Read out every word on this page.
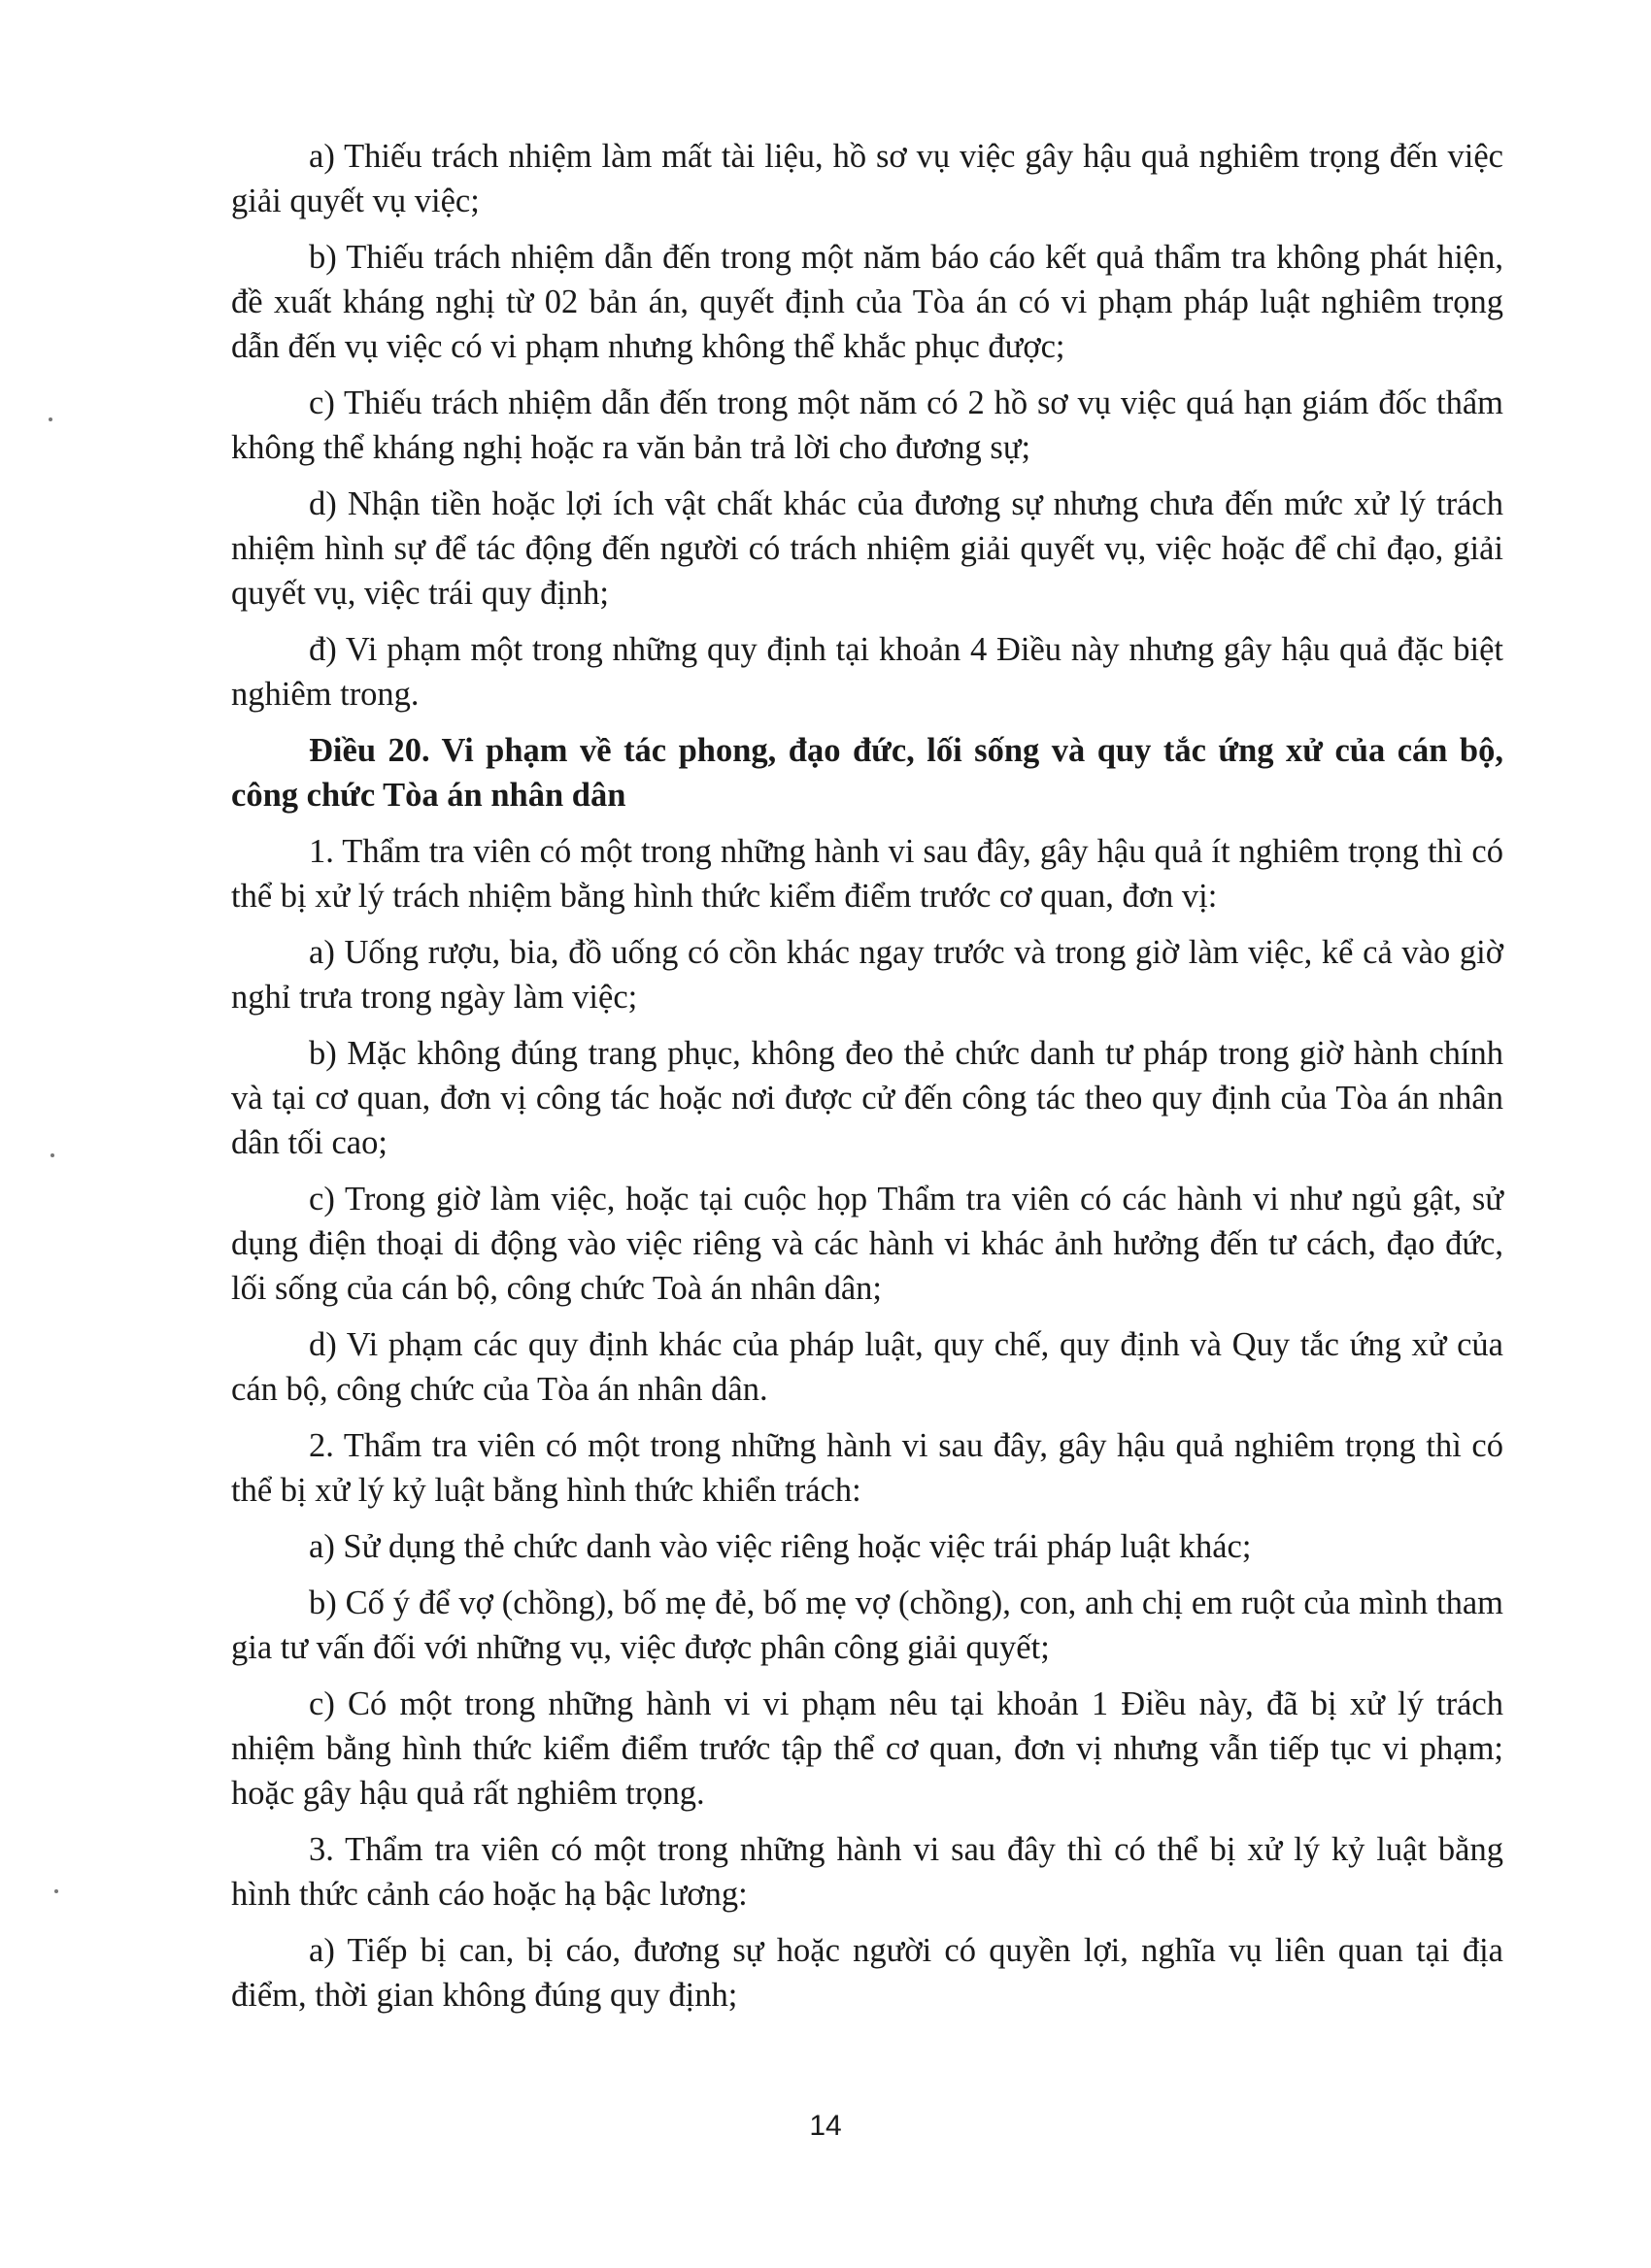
a) Thiếu trách nhiệm làm mất tài liệu, hồ sơ vụ việc gây hậu quả nghiêm trọng đến việc giải quyết vụ việc;

b) Thiếu trách nhiệm dẫn đến trong một năm báo cáo kết quả thẩm tra không phát hiện, đề xuất kháng nghị từ 02 bản án, quyết định của Tòa án có vi phạm pháp luật nghiêm trọng dẫn đến vụ việc có vi phạm nhưng không thể khắc phục được;

c) Thiếu trách nhiệm dẫn đến trong một năm có 2 hồ sơ vụ việc quá hạn giám đốc thẩm không thể kháng nghị hoặc ra văn bản trả lời cho đương sự;

d) Nhận tiền hoặc lợi ích vật chất khác của đương sự nhưng chưa đến mức xử lý trách nhiệm hình sự để tác động đến người có trách nhiệm giải quyết vụ, việc hoặc để chỉ đạo, giải quyết vụ, việc trái quy định;

đ) Vi phạm một trong những quy định tại khoản 4 Điều này nhưng gây hậu quả đặc biệt nghiêm trong.

Điều 20. Vi phạm về tác phong, đạo đức, lối sống và quy tắc ứng xử của cán bộ, công chức Tòa án nhân dân

1. Thẩm tra viên có một trong những hành vi sau đây, gây hậu quả ít nghiêm trọng thì có thể bị xử lý trách nhiệm bằng hình thức kiểm điểm trước cơ quan, đơn vị:

a) Uống rượu, bia, đồ uống có cồn khác ngay trước và trong giờ làm việc, kể cả vào giờ nghỉ trưa trong ngày làm việc;

b) Mặc không đúng trang phục, không đeo thẻ chức danh tư pháp trong giờ hành chính và tại cơ quan, đơn vị công tác hoặc nơi được cử đến công tác theo quy định của Tòa án nhân dân tối cao;

c) Trong giờ làm việc, hoặc tại cuộc họp Thẩm tra viên có các hành vi như ngủ gật, sử dụng điện thoại di động vào việc riêng và các hành vi khác ảnh hưởng đến tư cách, đạo đức, lối sống của cán bộ, công chức Toà án nhân dân;

d) Vi phạm các quy định khác của pháp luật, quy chế, quy định và Quy tắc ứng xử của cán bộ, công chức của Tòa án nhân dân.

2. Thẩm tra viên có một trong những hành vi sau đây, gây hậu quả nghiêm trọng thì có thể bị xử lý kỷ luật bằng hình thức khiển trách:

a) Sử dụng thẻ chức danh vào việc riêng hoặc việc trái pháp luật khác;

b) Cố ý để vợ (chồng), bố mẹ đẻ, bố mẹ vợ (chồng), con, anh chị em ruột của mình tham gia tư vấn đối với những vụ, việc được phân công giải quyết;

c) Có một trong những hành vi vi phạm nêu tại khoản 1 Điều này, đã bị xử lý trách nhiệm bằng hình thức kiểm điểm trước tập thể cơ quan, đơn vị nhưng vẫn tiếp tục vi phạm; hoặc gây hậu quả rất nghiêm trọng.

3. Thẩm tra viên có một trong những hành vi sau đây thì có thể bị xử lý kỷ luật bằng hình thức cảnh cáo hoặc hạ bậc lương:

a) Tiếp bị can, bị cáo, đương sự hoặc người có quyền lợi, nghĩa vụ liên quan tại địa điểm, thời gian không đúng quy định;

14
